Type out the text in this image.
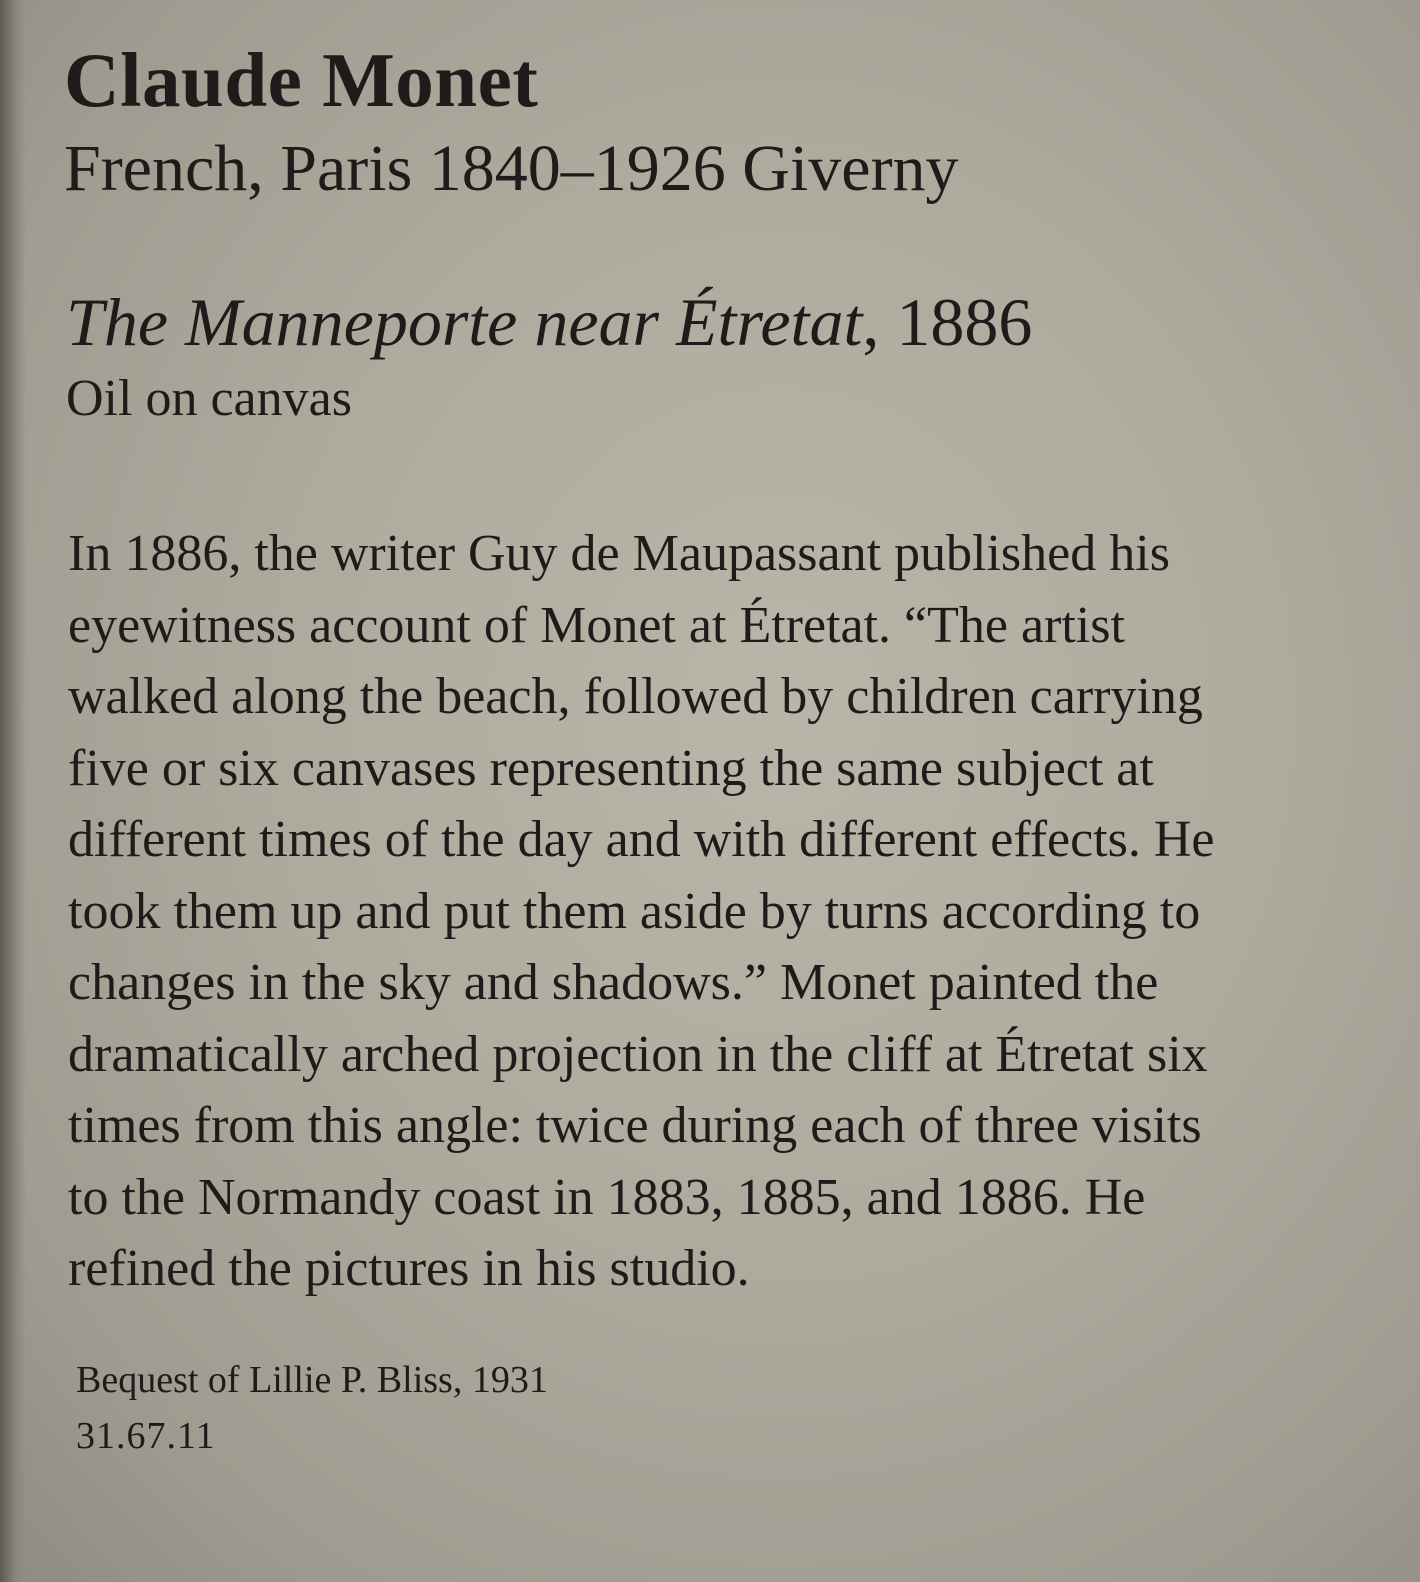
Claude Monet

French, Paris 1840–1926 Giverny

The Manneporte near Étretat, 1886

Oil on canvas

In 1886, the writer Guy de Maupassant published his
eyewitness account of Monet at Étretat. “The artist
walked along the beach, followed by children carrying
five or six canvases representing the same subject at
different times of the day and with different effects. He
took them up and put them aside by turns according to
changes in the sky and shadows.” Monet painted the
dramatically arched projection in the cliff at Étretat six
times from this angle: twice during each of three visits
to the Normandy coast in 1883, 1885, and 1886. He
refined the pictures in his studio.

Bequest of Lillie P. Bliss, 1931

31.67.11
